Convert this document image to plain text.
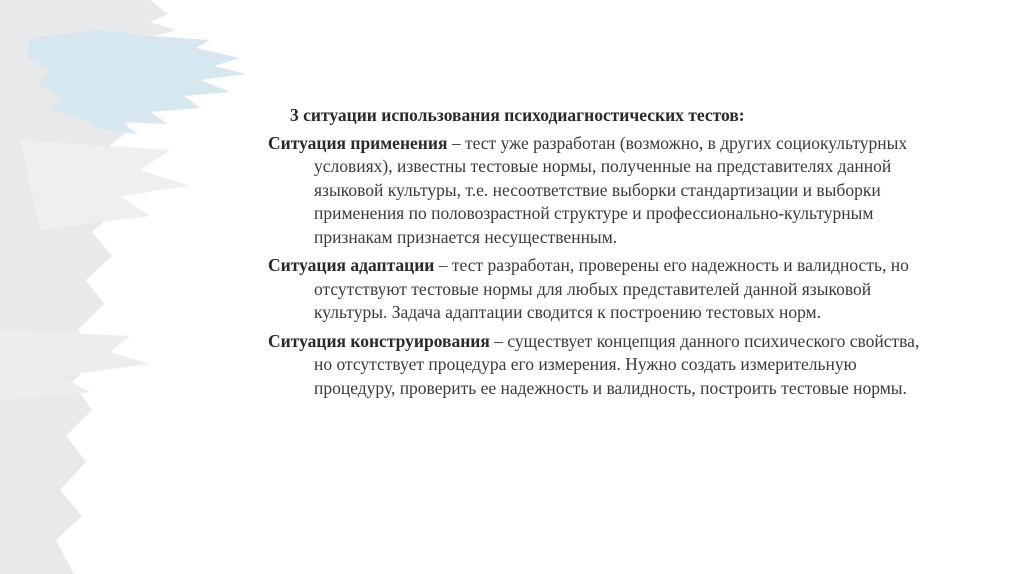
3 ситуации использования психодиагностических тестов:

Ситуация применения – тест уже разработан (возможно, в других социокультурных условиях), известны тестовые нормы, полученные на представителях данной языковой культуры, т.е. несоответствие выборки стандартизации и выборки применения по половозрастной структуре и профессионально-культурным признакам признается несущественным.

Ситуация адаптации – тест разработан, проверены его надежность и валидность, но отсутствуют тестовые нормы для любых представителей данной языковой культуры. Задача адаптации сводится к построению тестовых норм.

Ситуация конструирования – существует концепция данного психического свойства, но отсутствует процедура его измерения. Нужно создать измерительную процедуру, проверить ее надежность и валидность, построить тестовые нормы.
